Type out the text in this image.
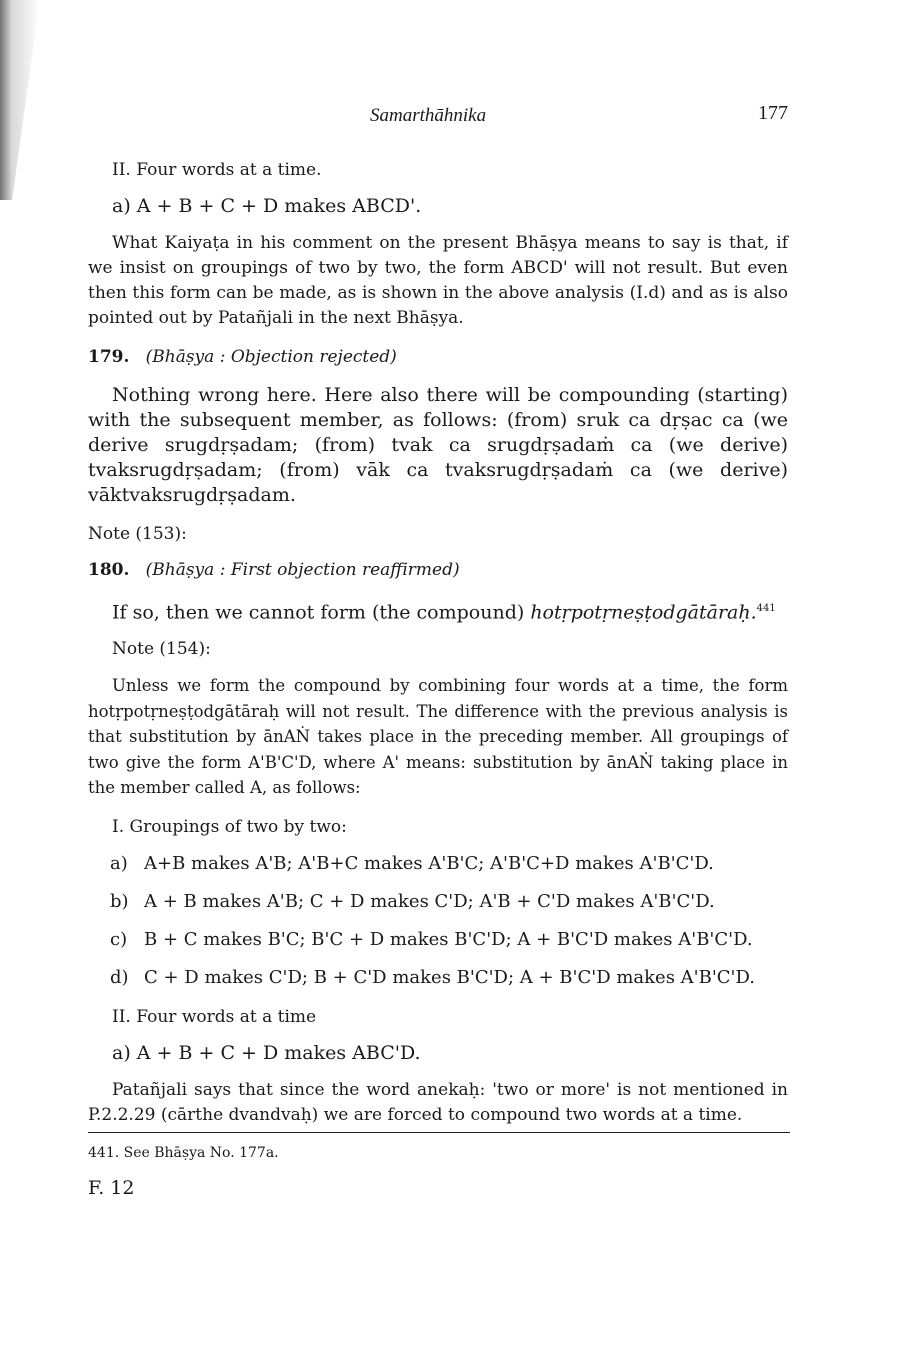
Samarthāhnika	177
II. Four words at a time.
a) A + B + C + D makes ABCD'.
What Kaiyaṭa in his comment on the present Bhāṣya means to say is that, if we insist on groupings of two by two, the form ABCD' will not result. But even then this form can be made, as is shown in the above analysis (I.d) and as is also pointed out by Patañjali in the next Bhāṣya.
179. (Bhāṣya : Objection rejected)
Nothing wrong here. Here also there will be compounding (starting) with the subsequent member, as follows: (from) sruk ca dṛṣac ca (we derive srugdṛṣadam; (from) tvak ca srugdṛṣadaṁ ca (we derive) tvaksrugdṛṣadam; (from) vāk ca tvaksrugdṛṣadaṁ ca (we derive) vāktvaksrugdṛṣadam.
Note (153):
180. (Bhāṣya : First objection reaffirmed)
If so, then we cannot form (the compound) hotṛpotṛneṣṭodgātāraḥ.$^{441}$
Note (154):
Unless we form the compound by combining four words at a time, the form hotṛpotṛneṣṭodgātāraḥ will not result. The difference with the previous analysis is that substitution by ānAṄ takes place in the preceding member. All groupings of two give the form A'B'C'D, where A' means: substitution by ānAṄ taking place in the member called A, as follows:
I. Groupings of two by two:
a) A+B makes A'B; A'B+C makes A'B'C; A'B'C+D makes A'B'C'D.
b) A + B makes A'B; C + D makes C'D; A'B + C'D makes A'B'C'D.
c) B + C makes B'C; B'C + D makes B'C'D; A + B'C'D makes A'B'C'D.
d) C + D makes C'D; B + C'D makes B'C'D; A + B'C'D makes A'B'C'D.
II. Four words at a time
a) A + B + C + D makes ABC'D.
Patañjali says that since the word anekaḥ: 'two or more' is not mentioned in P.2.2.29 (cārthe dvandvaḥ) we are forced to compound two words at a time.
441. See Bhāṣya No. 177a.
F. 12
